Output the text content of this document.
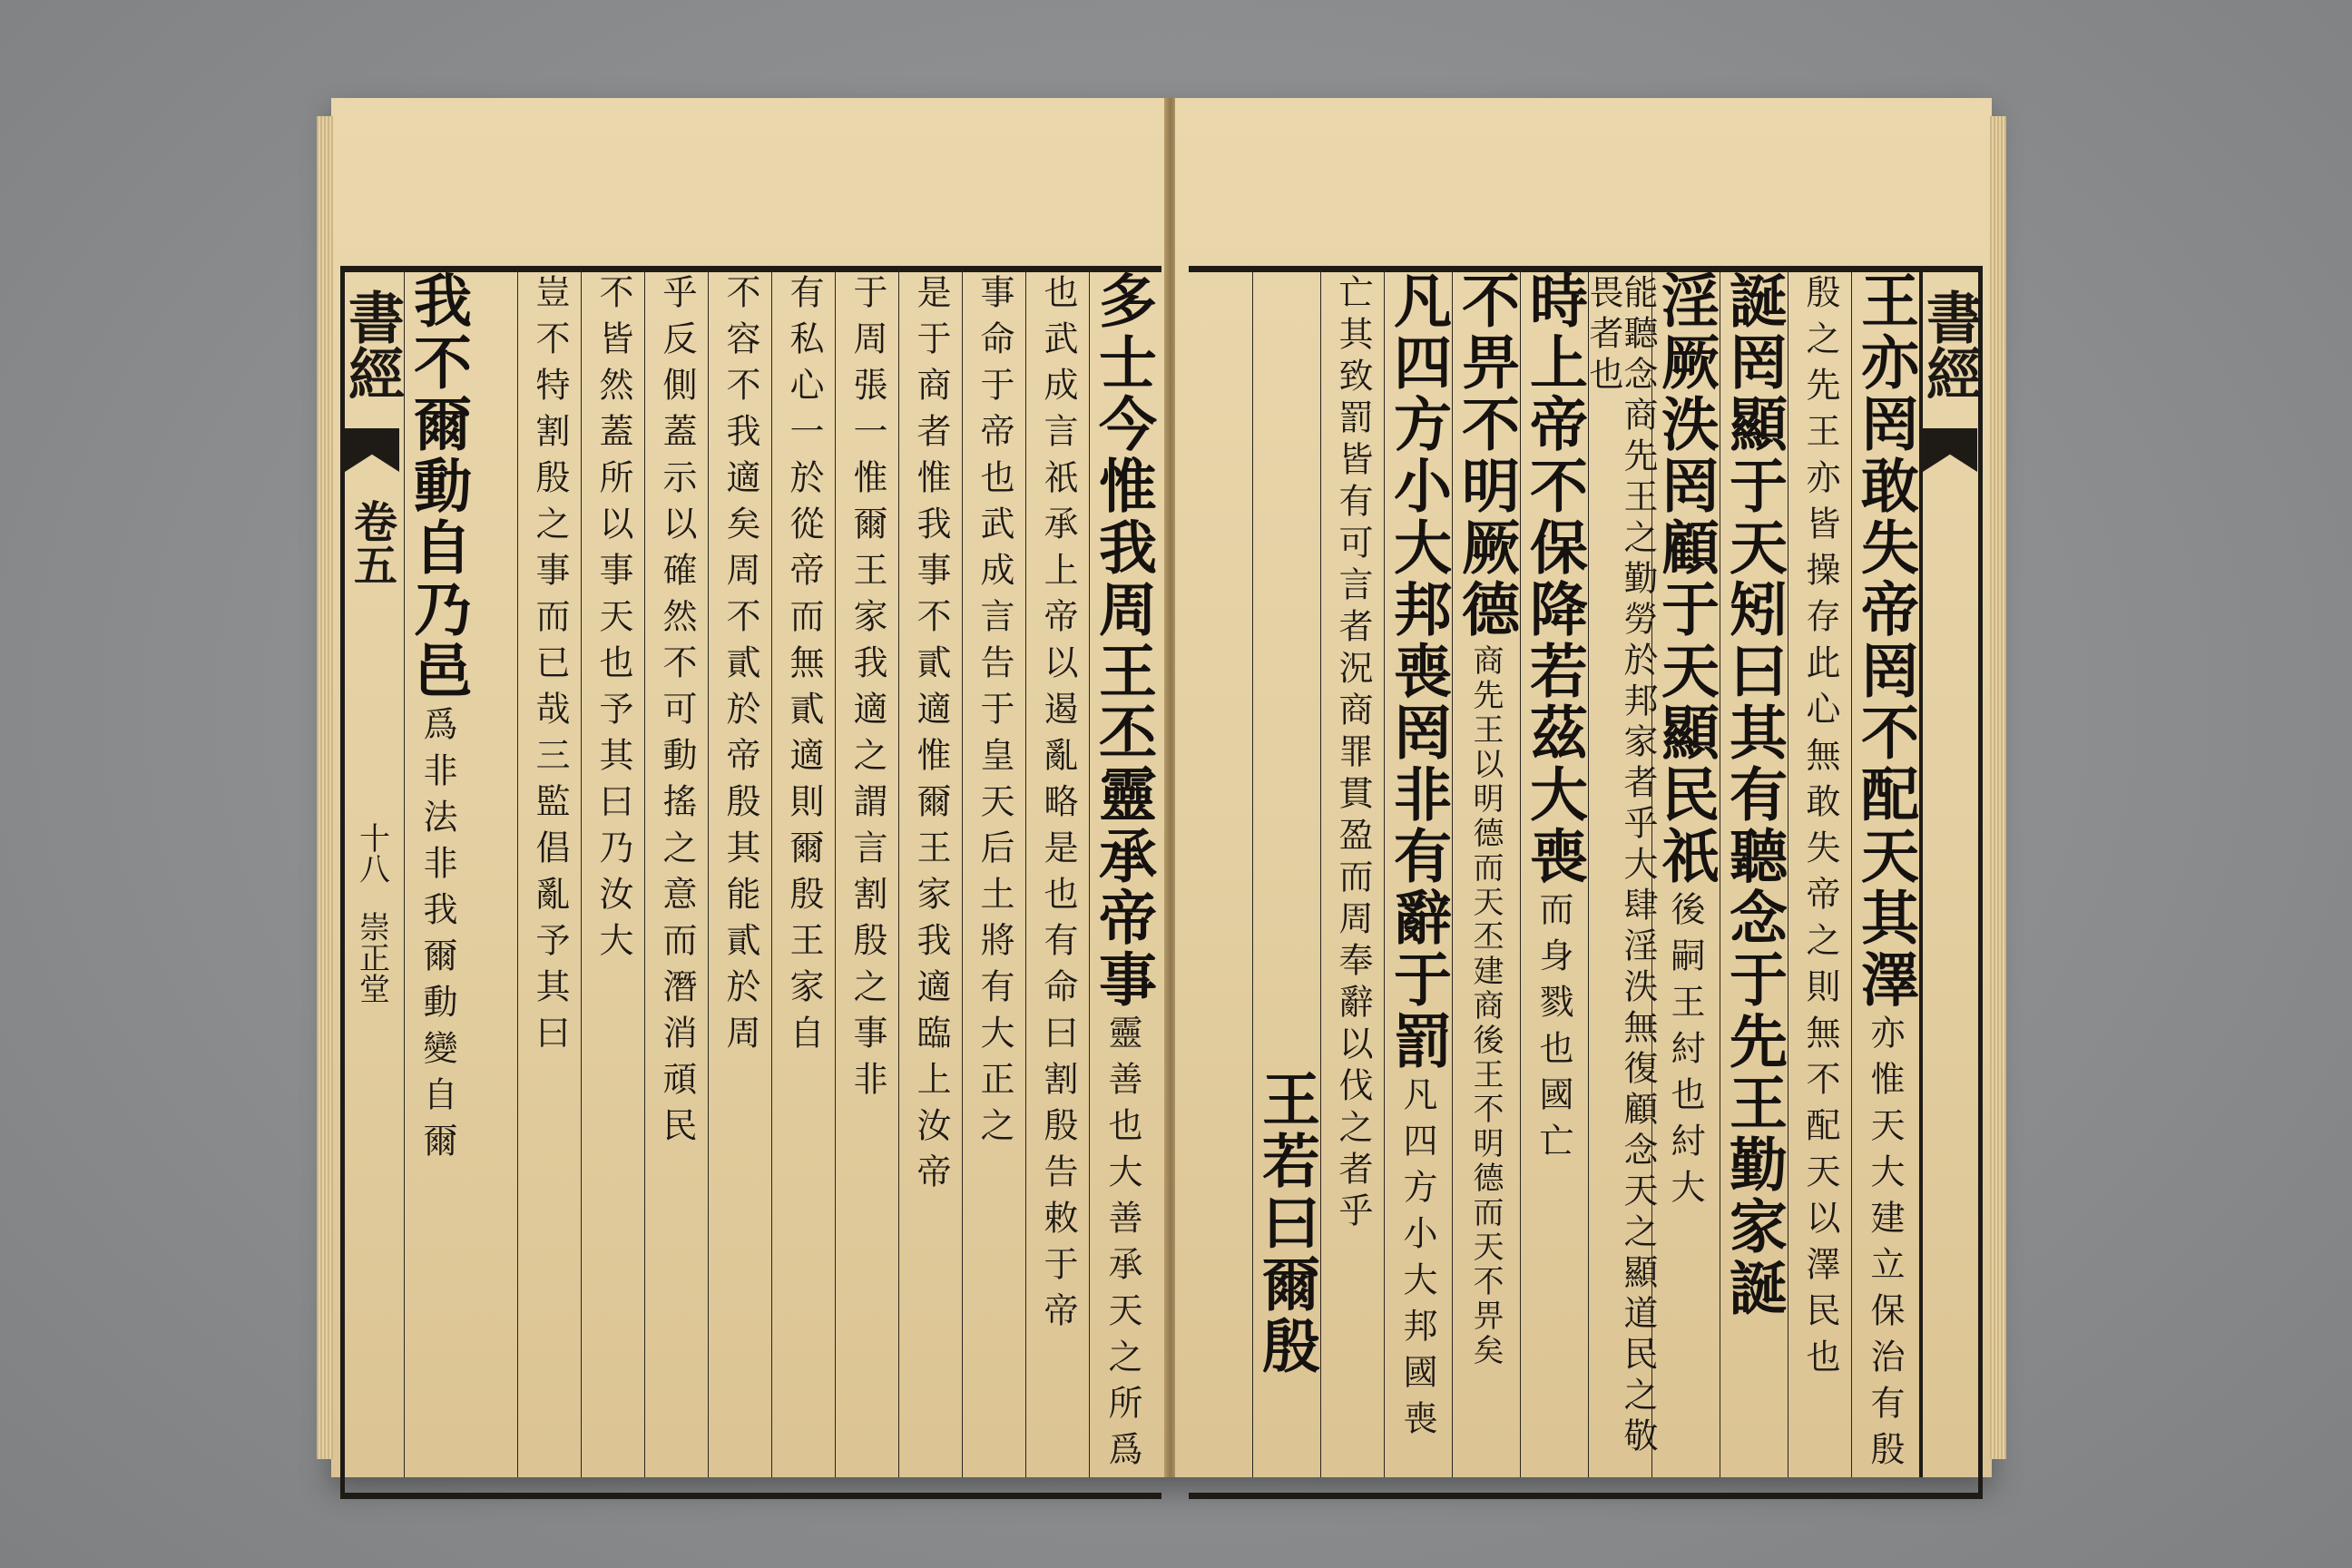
書經
卷五
十八
崇正堂	多士今惟我周王丕靈承帝事
靈善也大善承天之所爲
也武成言祇承上帝以遏亂略是也有命曰割殷告敕于帝
事命于帝也武成言告于皇天后土將有大正之
是于商者惟我事不貳適惟爾王家我適臨上汝帝
于周張一惟爾王家我適之謂言割殷之事非
有私心一於從帝而無貳適則爾殷王家自
不容不我適矣周不貳於帝殷其能貳於周
乎反側蓋示以確然不可動搖之意而潛消頑民
不皆然蓋所以事天也予其曰乃汝大
豈不特割殷之事而已哉三監倡亂予其曰
我不爾動自乃邑
爲非法非我爾動變自爾
書經
王亦罔敢失帝罔不配天其澤
亦惟天大建立保治有殷
殷之先王亦皆操存此心無敢失帝之則無不配天以澤民也
誕罔顯于天矧曰其有聽念于先王勤家誕
淫厥泆罔顧于天顯民祇
後嗣王紂也紂大
能聽念商先王之勤勞於邦家者乎大肆淫泆無復顧念天之顯道民之敬畏者也
時上帝不保降若茲大喪
而身戮也國亡
不畀不明厥德
商先王以明德而天丕建商後王不明德而天不畀矣
凡四方小大邦喪罔非有辭于罰
凡四方小大邦國喪
亡其致罰皆有可言者況商罪貫盈而周奉辭以伐之者乎
王若曰爾殷
